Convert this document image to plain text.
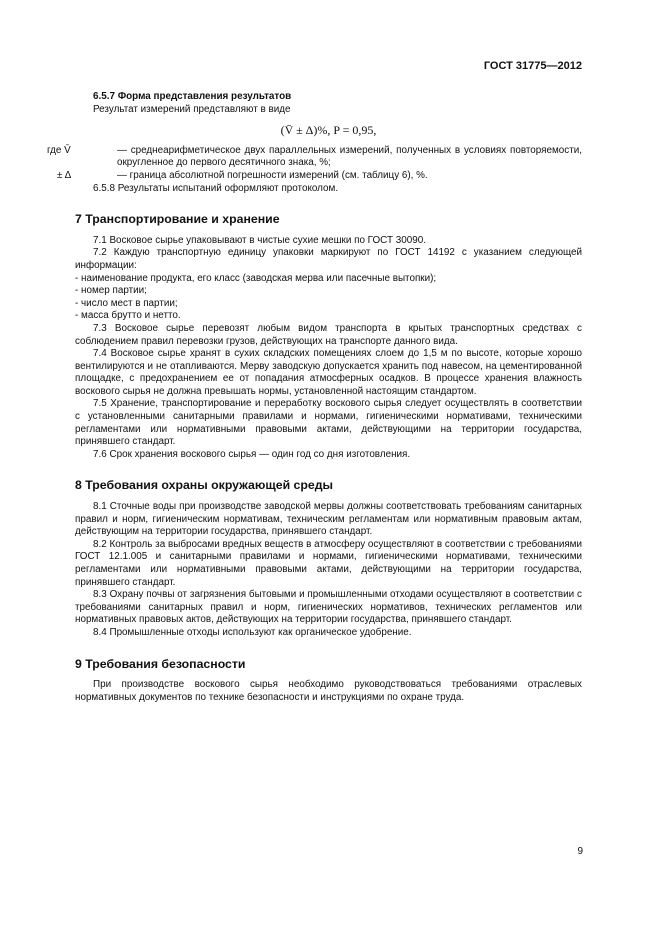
ГОСТ 31775—2012

6.5.7 Форма представления результатов

Результат измерений представляют в виде

(V̄ ± Δ)%, P = 0,95,

где V̄	— среднеарифметическое двух параллельных измерений, полученных в условиях повторяемости, округленное до первого десятичного знака, %;

± Δ	— граница абсолютной погрешности измерений (см. таблицу 6), %.

6.5.8 Результаты испытаний оформляют протоколом.

7 Транспортирование и хранение

7.1 Восковое сырье упаковывают в чистые сухие мешки по ГОСТ 30090.

7.2 Каждую транспортную единицу упаковки маркируют по ГОСТ 14192 с указанием следующей информации:

- наименование продукта, его класс (заводская мерва или пасечные вытопки);

- номер партии;

- число мест в партии;

- масса брутто и нетто.

7.3 Восковое сырье перевозят любым видом транспорта в крытых транспортных средствах с соблюдением правил перевозки грузов, действующих на транспорте данного вида.

7.4 Восковое сырье хранят в сухих складских помещениях слоем до 1,5 м по высоте, которые хорошо вентилируются и не отапливаются. Мерву заводскую допускается хранить под навесом, на цементированной площадке, с предохранением ее от попадания атмосферных осадков. В процессе хранения влажность воскового сырья не должна превышать нормы, установленной настоящим стандартом.

7.5 Хранение, транспортирование и переработку воскового сырья следует осуществлять в соответствии с установленными санитарными правилами и нормами, гигиеническими нормативами, техническими регламентами или нормативными правовыми актами, действующими на территории государства, принявшего стандарт.

7.6 Срок хранения воскового сырья — один год со дня изготовления.

8 Требования охраны окружающей среды

8.1 Сточные воды при производстве заводской мервы должны соответствовать требованиям санитарных правил и норм, гигиеническим нормативам, техническим регламентам или нормативным правовым актам, действующим на территории государства, принявшего стандарт.

8.2 Контроль за выбросами вредных веществ в атмосферу осуществляют в соответствии с требованиями ГОСТ 12.1.005 и санитарными правилами и нормами, гигиеническими нормативами, техническими регламентами или нормативными правовыми актами, действующими на территории государства, принявшего стандарт.

8.3 Охрану почвы от загрязнения бытовыми и промышленными отходами осуществляют в соответствии с требованиями санитарных правил и норм, гигиенических нормативов, технических регламентов или нормативных правовых актов, действующих на территории государства, принявшего стандарт.

8.4 Промышленные отходы используют как органическое удобрение.

9 Требования безопасности

При производстве воскового сырья необходимо руководствоваться требованиями отраслевых нормативных документов по технике безопасности и инструкциями по охране труда.

9
